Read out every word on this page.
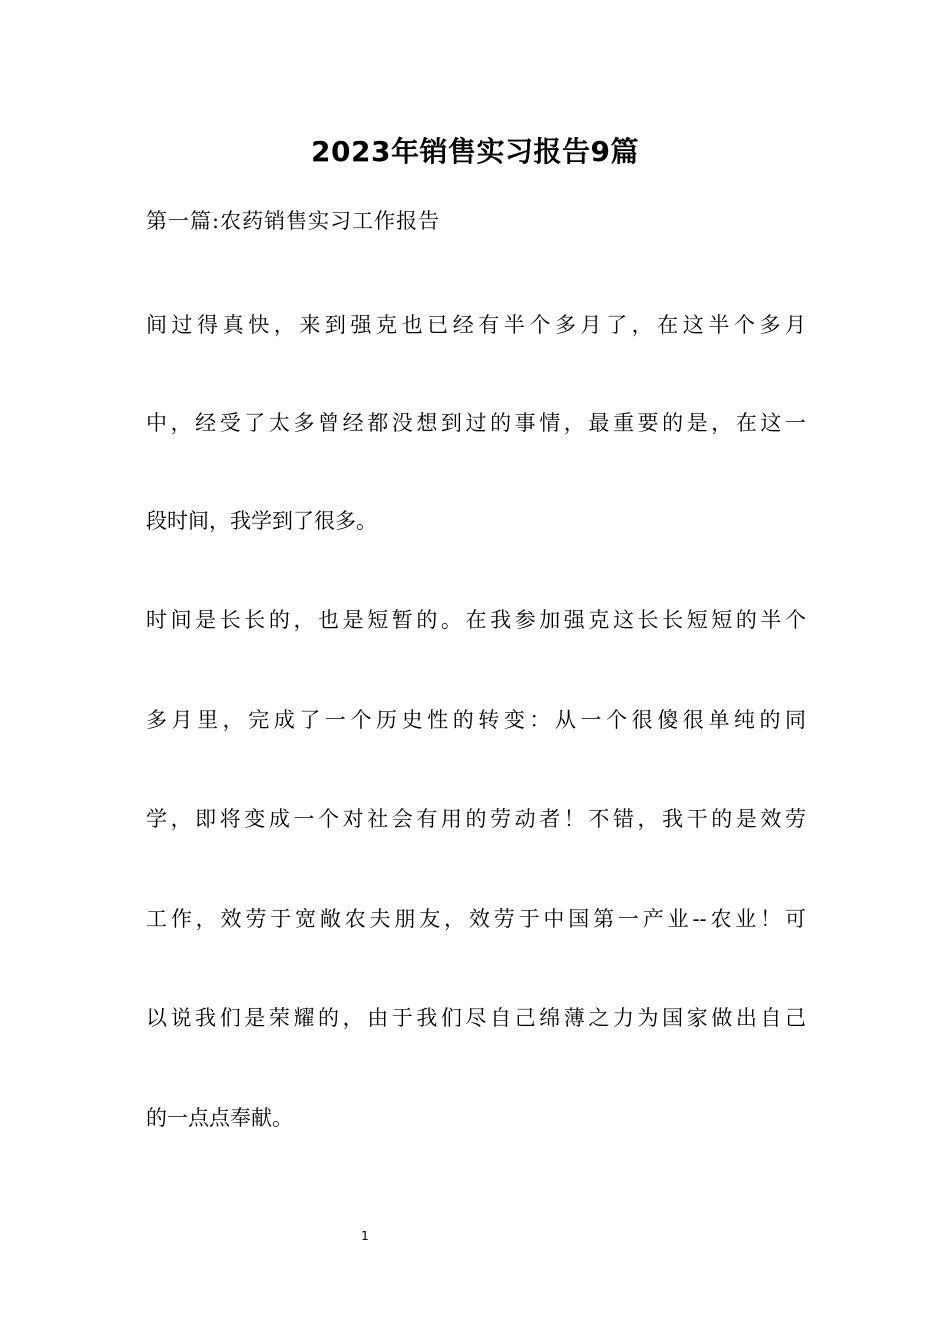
2023年销售实习报告9篇
第一篇:农药销售实习工作报告
间过得真快，来到强克也已经有半个多月了，在这半个多月
中，经受了太多曾经都没想到过的事情，最重要的是，在这一
段时间，我学到了很多。
时间是长长的，也是短暂的。在我参加强克这长长短短的半个
多月里，完成了一个历史性的转变：从一个很傻很单纯的同
学，即将变成一个对社会有用的劳动者！不错，我干的是效劳
工作，效劳于宽敞农夫朋友，效劳于中国第一产业--农业！可
以说我们是荣耀的，由于我们尽自己绵薄之力为国家做出自己
的一点点奉献。
1
